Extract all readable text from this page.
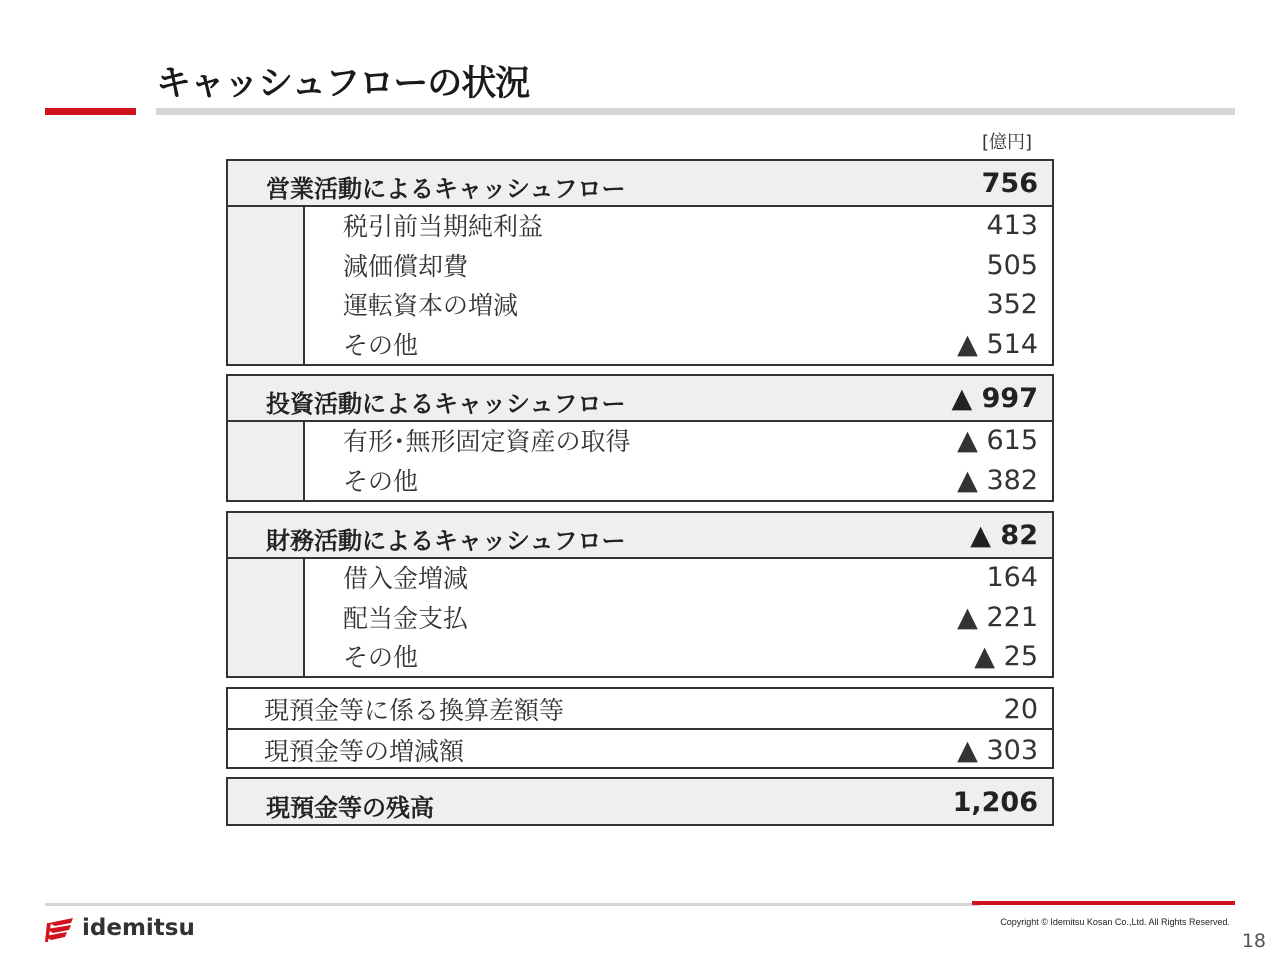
キャッシュフローの状況
[億円]
営業活動によるキャッシュフロー	756
税引前当期純利益	413
減価償却費	505
運転資本の増減	352
その他	▲ 514
投資活動によるキャッシュフロー	▲ 997
有形･無形固定資産の取得	▲ 615
その他	▲ 382
財務活動によるキャッシュフロー	▲ 82
借入金増減	164
配当金支払	▲ 221
その他	▲ 25
現預金等に係る換算差額等	20
現預金等の増減額	▲ 303
現預金等の残高	1,206
idemitsu	Copyright © Idemitsu Kosan Co.,Ltd. All Rights Reserved.
18
